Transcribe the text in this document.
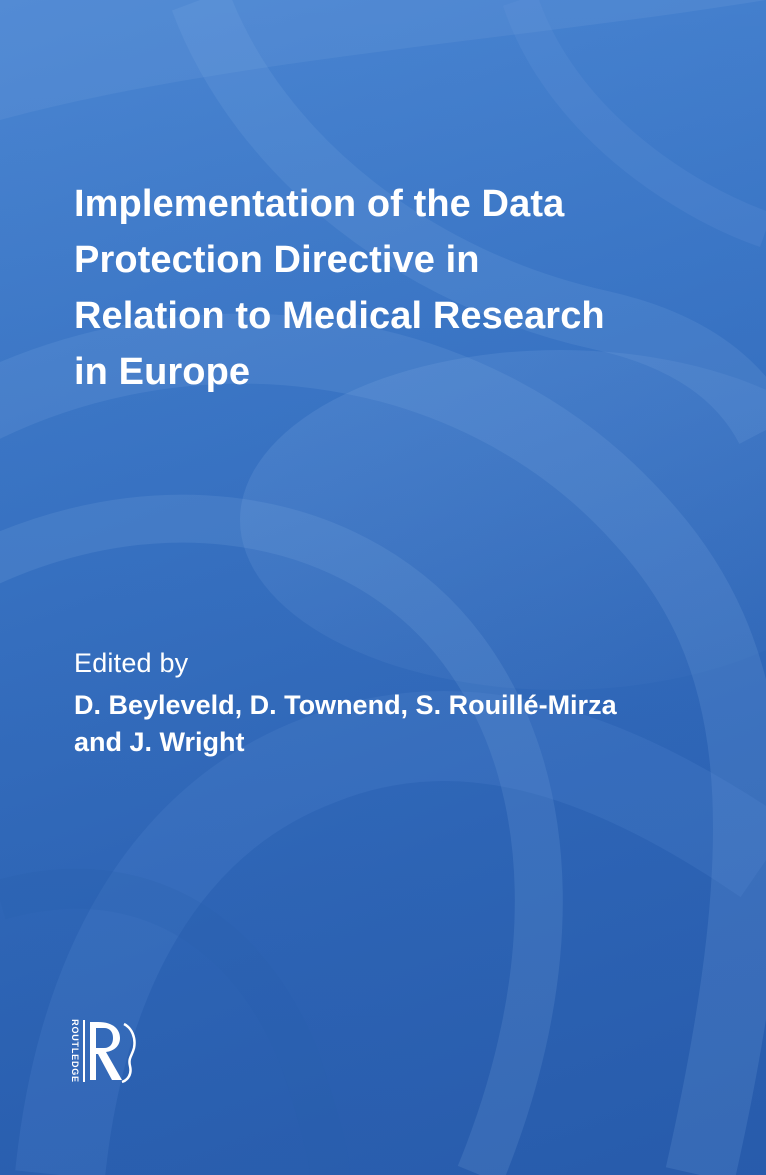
Implementation of the Data
Protection Directive in
Relation to Medical Research
in Europe
Edited by
D. Beyleveld, D. Townend, S. Rouillé-Mirza
and J. Wright
ROUTLEDGE
